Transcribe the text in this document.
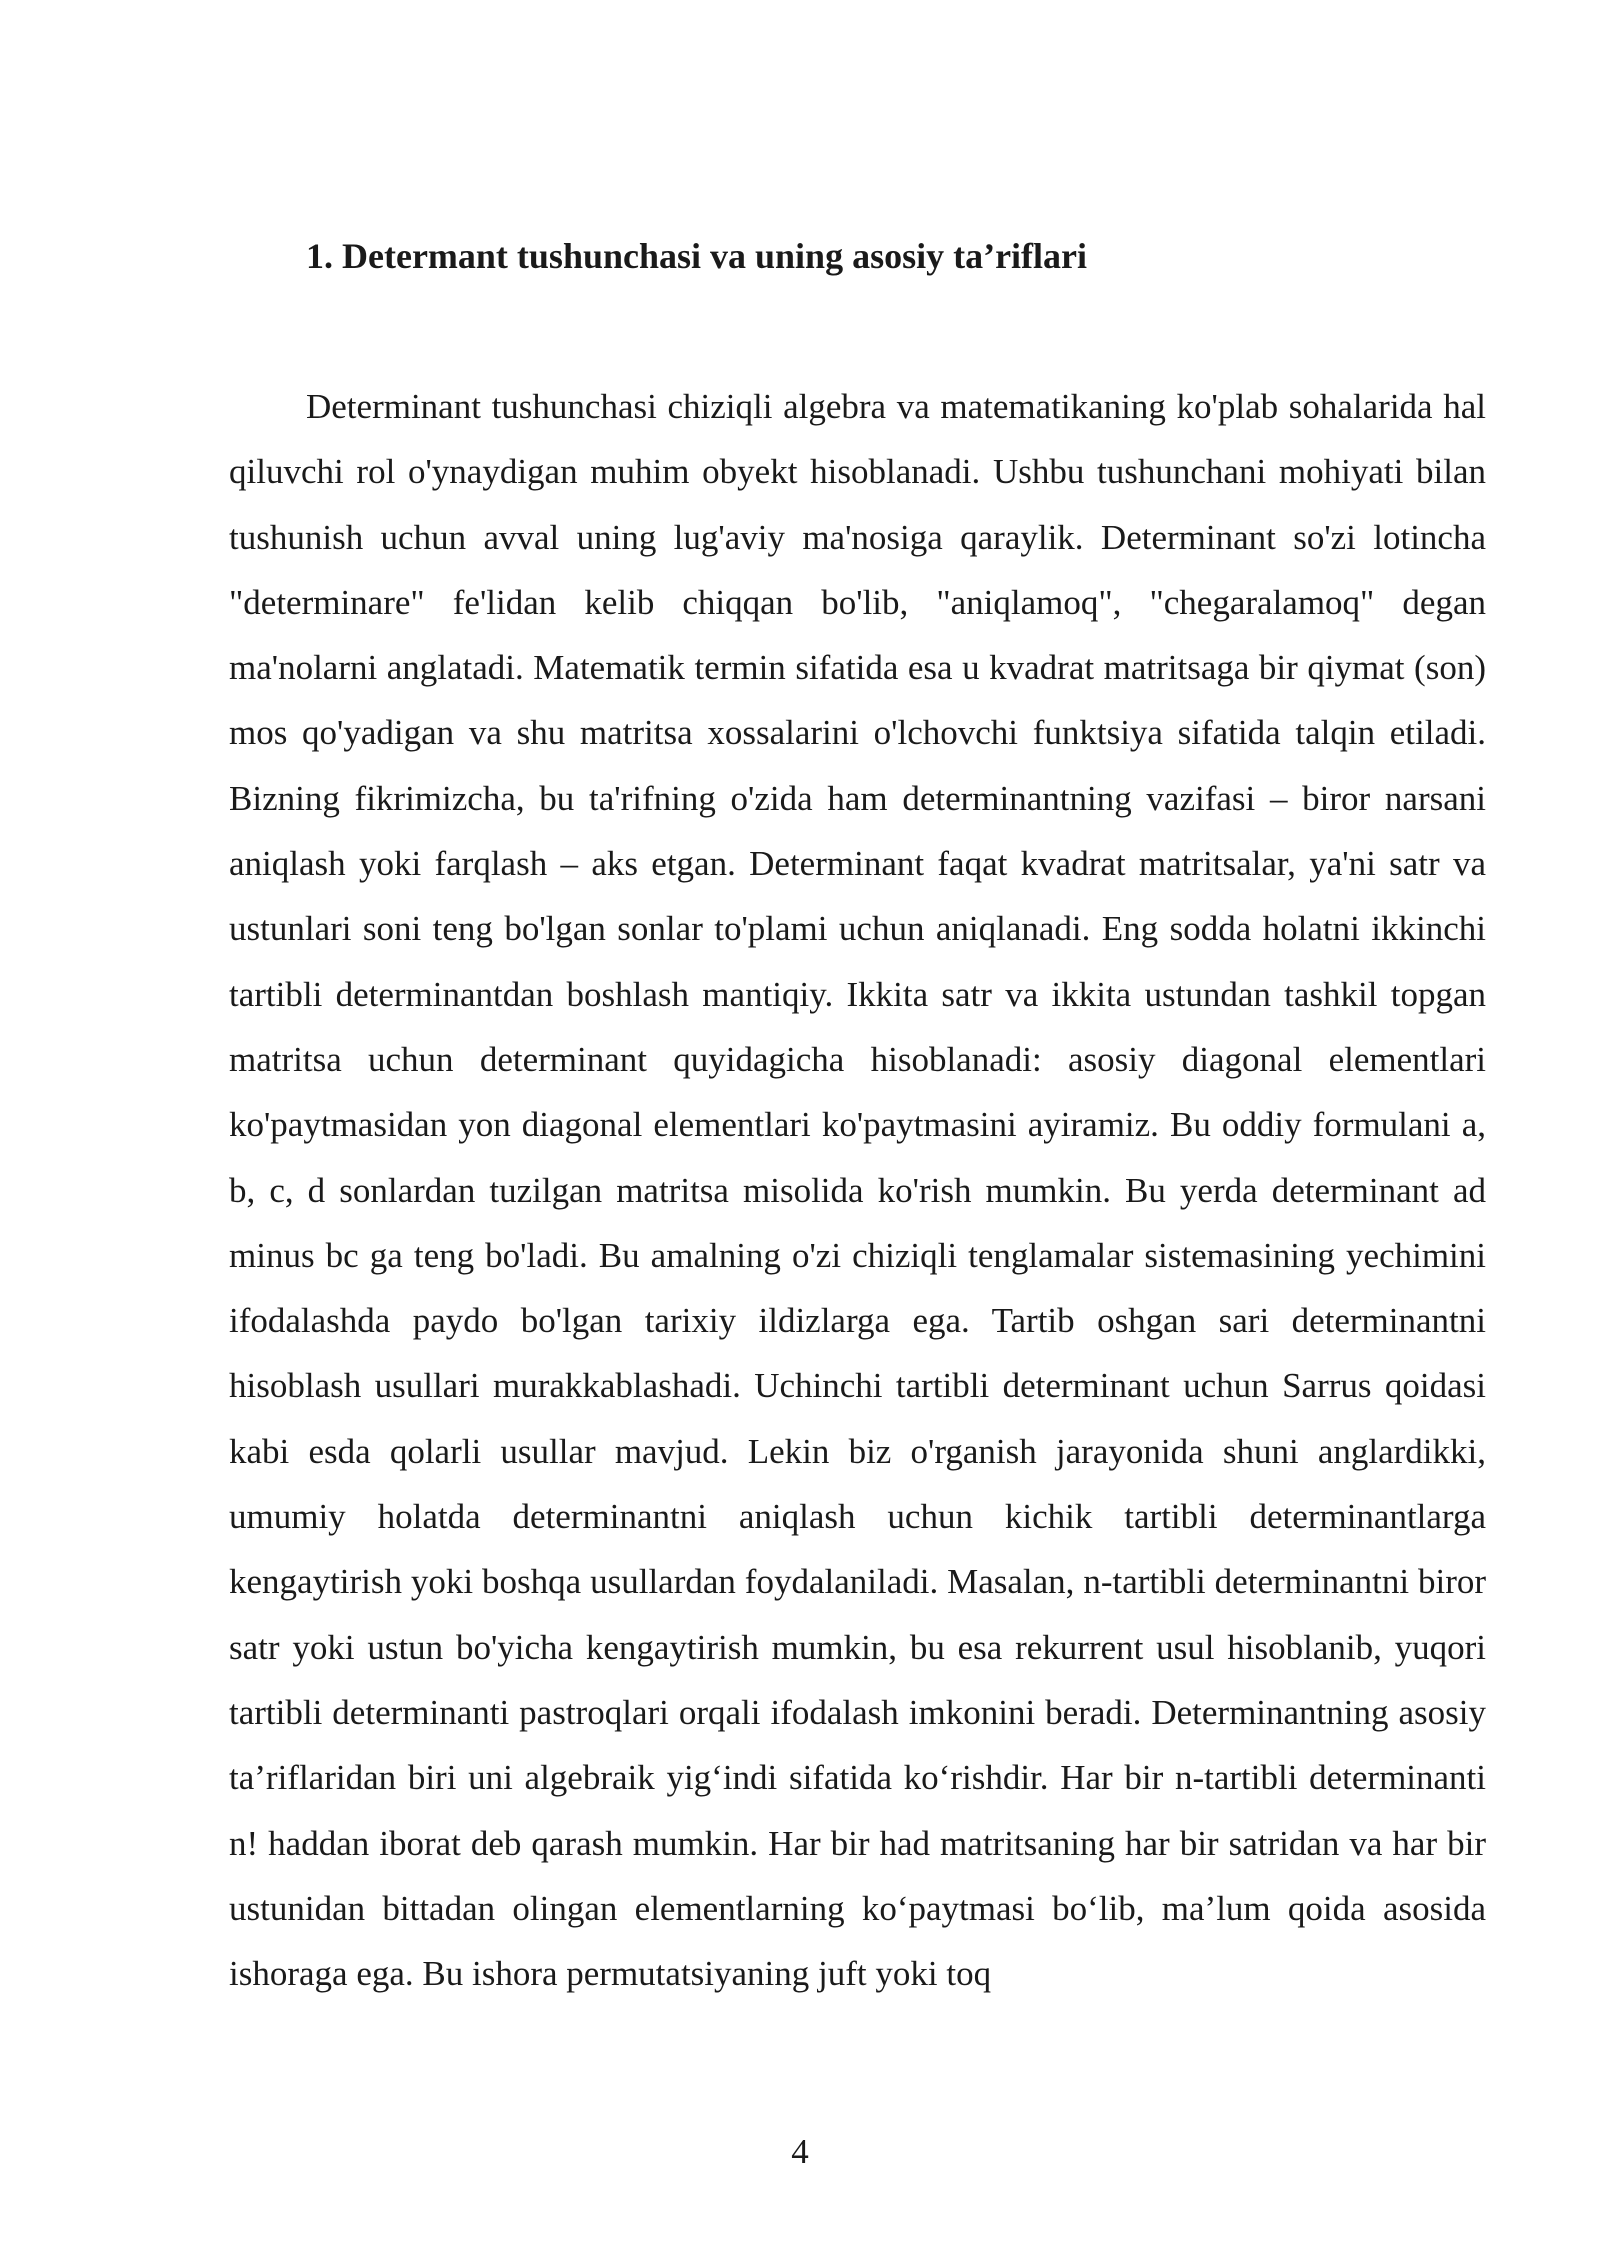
1. Determant tushunchasi va uning asosiy ta’riflari

Determinant tushunchasi chiziqli algebra va matematikaning ko'plab sohalarida hal qiluvchi rol o'ynaydigan muhim obyekt hisoblanadi. Ushbu tushunchani mohiyati bilan tushunish uchun avval uning lug'aviy ma'nosiga qaraylik. Determinant so'zi lotincha "determinare" fe'lidan kelib chiqqan bo'lib, "aniqlamoq", "chegaralamoq" degan ma'nolarni anglatadi. Matematik termin sifatida esa u kvadrat matritsaga bir qiymat (son) mos qo'yadigan va shu matritsa xossalarini o'lchovchi funktsiya sifatida talqin etiladi. Bizning fikrimizcha, bu ta'rifning o'zida ham determinantning vazifasi – biror narsani aniqlash yoki farqlash – aks etgan. Determinant faqat kvadrat matritsalar, ya'ni satr va ustunlari soni teng bo'lgan sonlar to'plami uchun aniqlanadi. Eng sodda holatni ikkinchi tartibli determinantdan boshlash mantiqiy. Ikkita satr va ikkita ustundan tashkil topgan matritsa uchun determinant quyidagicha hisoblanadi: asosiy diagonal elementlari ko'paytmasidan yon diagonal elementlari ko'paytmasini ayiramiz. Bu oddiy formulani a, b, c, d sonlardan tuzilgan matritsa misolida ko'rish mumkin. Bu yerda determinant ad minus bc ga teng bo'ladi. Bu amalning o'zi chiziqli tenglamalar sistemasining yechimini ifodalashda paydo bo'lgan tarixiy ildizlarga ega. Tartib oshgan sari determinantni hisoblash usullari murakkablashadi. Uchinchi tartibli determinant uchun Sarrus qoidasi kabi esda qolarli usullar mavjud. Lekin biz o'rganish jarayonida shuni anglardikki, umumiy holatda determinantni aniqlash uchun kichik tartibli determinantlarga kengaytirish yoki boshqa usullardan foydalaniladi. Masalan, n-tartibli determinantni biror satr yoki ustun bo'yicha kengaytirish mumkin, bu esa rekurrent usul hisoblanib, yuqori tartibli determinanti pastroqlari orqali ifodalash imkonini beradi. Determinantning asosiy ta’riflaridan biri uni algebraik yig‘indi sifatida ko‘rishdir. Har bir n-tartibli determinanti n! haddan iborat deb qarash mumkin. Har bir had matritsaning har bir satridan va har bir ustunidan bittadan olingan elementlarning ko‘paytmasi bo‘lib, ma’lum qoida asosida ishoraga ega. Bu ishora permutatsiyaning juft yoki toq

4
